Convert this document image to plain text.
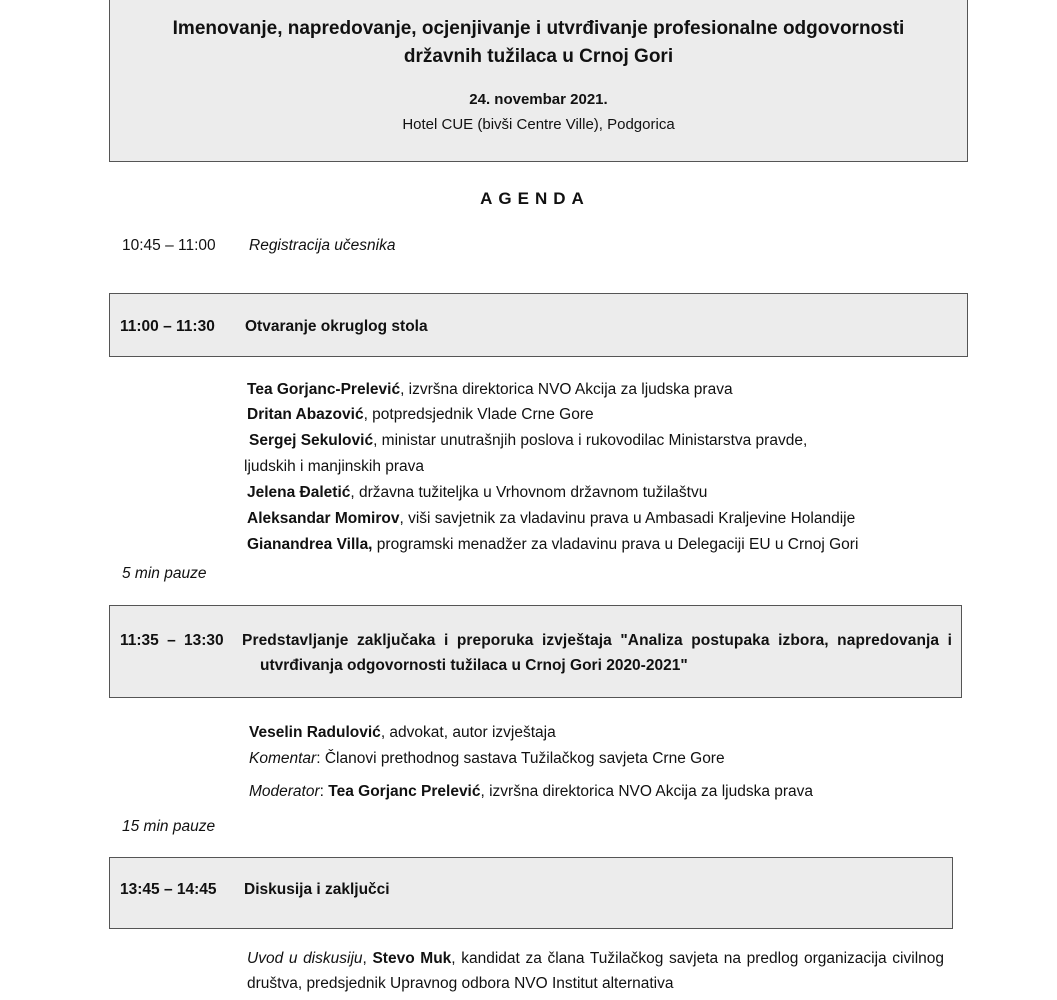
Imenovanje, napredovanje, ocjenjivanje i utvrđivanje profesionalne odgovornosti
državnih tužilaca u Crnoj Gori
24. novembar 2021.
Hotel CUE (bivši Centre Ville), Podgorica
AGENDA
10:45 – 11:00 Registracija učesnika
11:00 – 11:30 Otvaranje okruglog stola
Tea Gorjanc-Prelević, izvršna direktorica NVO Akcija za ljudska prava
Dritan Abazović, potpredsjednik Vlade Crne Gore
Sergej Sekulović, ministar unutrašnjih poslova i rukovodilac Ministarstva pravde,
ljudskih i manjinskih prava
Jelena Đaletić, državna tužiteljka u Vrhovnom državnom tužilaštvu
Aleksandar Momirov, viši savjetnik za vladavinu prava u Ambasadi Kraljevine Holandije
Gianandrea Villa, programski menadžer za vladavinu prava u Delegaciji EU u Crnoj Gori
5 min pauze
11:35 – 13:30 Predstavljanje zaključaka i preporuka izvještaja "Analiza postupaka izbora, napredovanja i
utvrđivanja odgovornosti tužilaca u Crnoj Gori 2020-2021"
Veselin Radulović, advokat, autor izvještaja
Komentar: Članovi prethodnog sastava Tužilačkog savjeta Crne Gore
Moderator: Tea Gorjanc Prelević, izvršna direktorica NVO Akcija za ljudska prava
15 min pauze
13:45 – 14:45 Diskusija i zaključci
Uvod u diskusiju, Stevo Muk, kandidat za člana Tužilačkog savjeta na predlog organizacija civilnog društva, predsjednik Upravnog odbora NVO Institut alternativa
